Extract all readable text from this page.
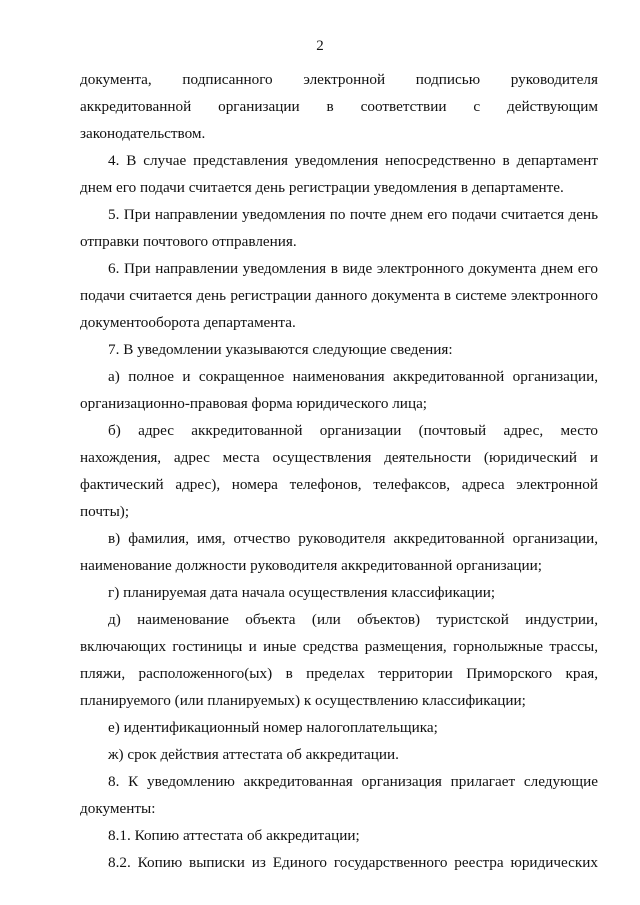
2

документа, подписанного электронной подписью руководителя аккредитованной организации в соответствии с действующим законодательством.

4. В случае представления уведомления непосредственно в департамент днем его подачи считается день регистрации уведомления в департаменте.

5. При направлении уведомления по почте днем его подачи считается день отправки почтового отправления.

6. При направлении уведомления в виде электронного документа днем его подачи считается день регистрации данного документа в системе электронного документооборота департамента.

7. В уведомлении указываются следующие сведения:

а) полное и сокращенное наименования аккредитованной организации, организационно-правовая форма юридического лица;

б) адрес аккредитованной организации (почтовый адрес, место нахождения, адрес места осуществления деятельности (юридический и фактический адрес), номера телефонов, телефаксов, адреса электронной почты);

в) фамилия, имя, отчество руководителя аккредитованной организации, наименование должности руководителя аккредитованной организации;

г) планируемая дата начала осуществления классификации;

д) наименование объекта (или объектов) туристской индустрии, включающих гостиницы и иные средства размещения, горнолыжные трассы, пляжи, расположенного(ых) в пределах территории Приморского края, планируемого (или планируемых) к осуществлению классификации;

е) идентификационный номер налогоплательщика;

ж) срок действия аттестата об аккредитации.

8. К уведомлению аккредитованная организация прилагает следующие документы:

8.1. Копию аттестата об аккредитации;

8.2. Копию выписки из Единого государственного реестра юридических
